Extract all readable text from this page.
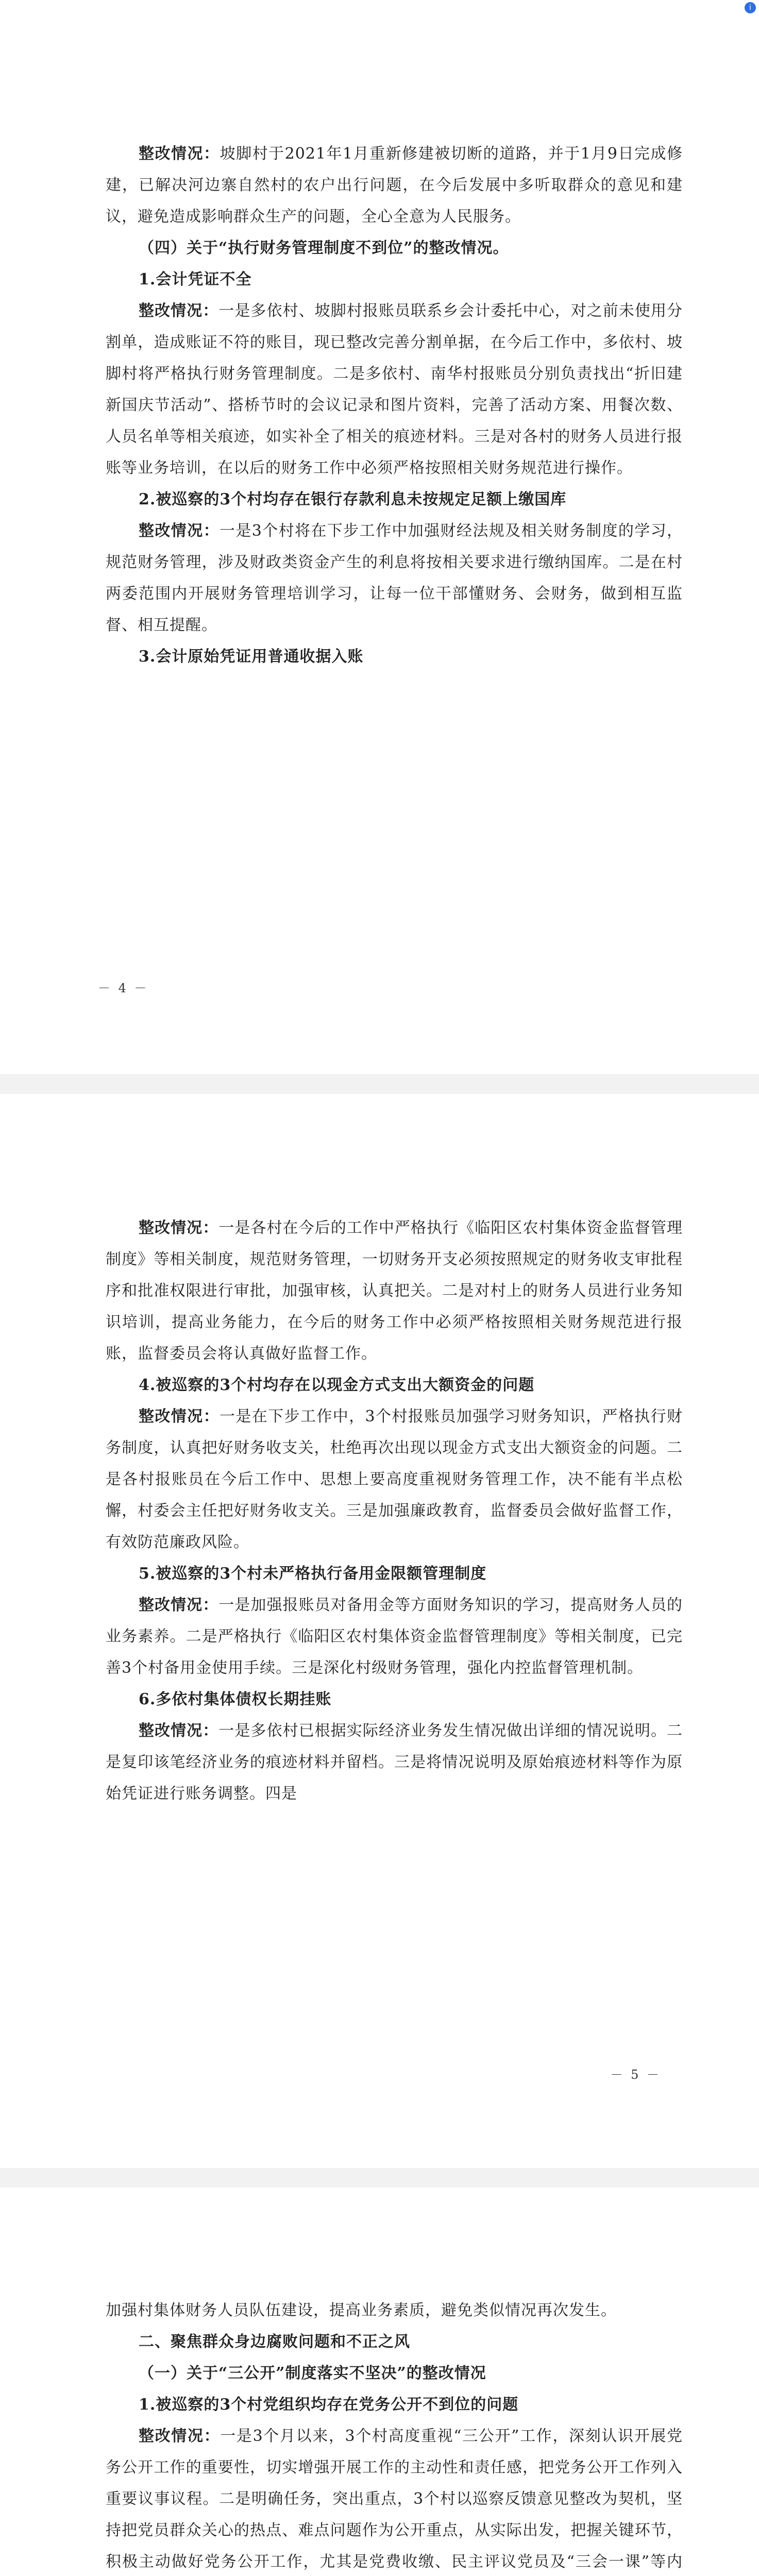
i

整改情况：坡脚村于2021年1月重新修建被切断的道路，并于1月9日完成修建，已解决河边寨自然村的农户出行问题，在今后发展中多听取群众的意见和建议，避免造成影响群众生产的问题，全心全意为人民服务。

（四）关于“执行财务管理制度不到位”的整改情况。

1.会计凭证不全

整改情况：一是多依村、坡脚村报账员联系乡会计委托中心，对之前未使用分割单，造成账证不符的账目，现已整改完善分割单据，在今后工作中，多依村、坡脚村将严格执行财务管理制度。二是多依村、南华村报账员分别负责找出“折旧建新国庆节活动”、搭桥节时的会议记录和图片资料，完善了活动方案、用餐次数、人员名单等相关痕迹，如实补全了相关的痕迹材料。三是对各村的财务人员进行报账等业务培训，在以后的财务工作中必须严格按照相关财务规范进行操作。

2.被巡察的3个村均存在银行存款利息未按规定足额上缴国库

整改情况：一是3个村将在下步工作中加强财经法规及相关财务制度的学习，规范财务管理，涉及财政类资金产生的利息将按相关要求进行缴纳国库。二是在村两委范围内开展财务管理培训学习，让每一位干部懂财务、会财务，做到相互监督、相互提醒。

3.会计原始凭证用普通收据入账

－ 4 －

整改情况：一是各村在今后的工作中严格执行《临阳区农村集体资金监督管理制度》等相关制度，规范财务管理，一切财务开支必须按照规定的财务收支审批程序和批准权限进行审批，加强审核，认真把关。二是对村上的财务人员进行业务知识培训，提高业务能力，在今后的财务工作中必须严格按照相关财务规范进行报账，监督委员会将认真做好监督工作。

4.被巡察的3个村均存在以现金方式支出大额资金的问题

整改情况：一是在下步工作中，3个村报账员加强学习财务知识，严格执行财务制度，认真把好财务收支关，杜绝再次出现以现金方式支出大额资金的问题。二是各村报账员在今后工作中、思想上要高度重视财务管理工作，决不能有半点松懈，村委会主任把好财务收支关。三是加强廉政教育，监督委员会做好监督工作，有效防范廉政风险。

5.被巡察的3个村未严格执行备用金限额管理制度

整改情况：一是加强报账员对备用金等方面财务知识的学习，提高财务人员的业务素养。二是严格执行《临阳区农村集体资金监督管理制度》等相关制度，已完善3个村备用金使用手续。三是深化村级财务管理，强化内控监督管理机制。

6.多依村集体债权长期挂账

整改情况：一是多依村已根据实际经济业务发生情况做出详细的情况说明。二是复印该笔经济业务的痕迹材料并留档。三是将情况说明及原始痕迹材料等作为原始凭证进行账务调整。四是

－ 5 －

加强村集体财务人员队伍建设，提高业务素质，避免类似情况再次发生。

二、聚焦群众身边腐败问题和不正之风

（一）关于“三公开”制度落实不坚决”的整改情况

1.被巡察的3个村党组织均存在党务公开不到位的问题

整改情况：一是3个月以来，3个村高度重视“三公开”工作，深刻认识开展党务公开工作的重要性，切实增强开展工作的主动性和责任感，把党务公开工作列入重要议事议程。二是明确任务，突出重点，3个村以巡察反馈意见整改为契机，坚持把党员群众关心的热点、难点问题作为公开重点，从实际出发，把握关键环节，积极主动做好党务公开工作，尤其是党费收缴、民主评议党员及“三会一课”等内
